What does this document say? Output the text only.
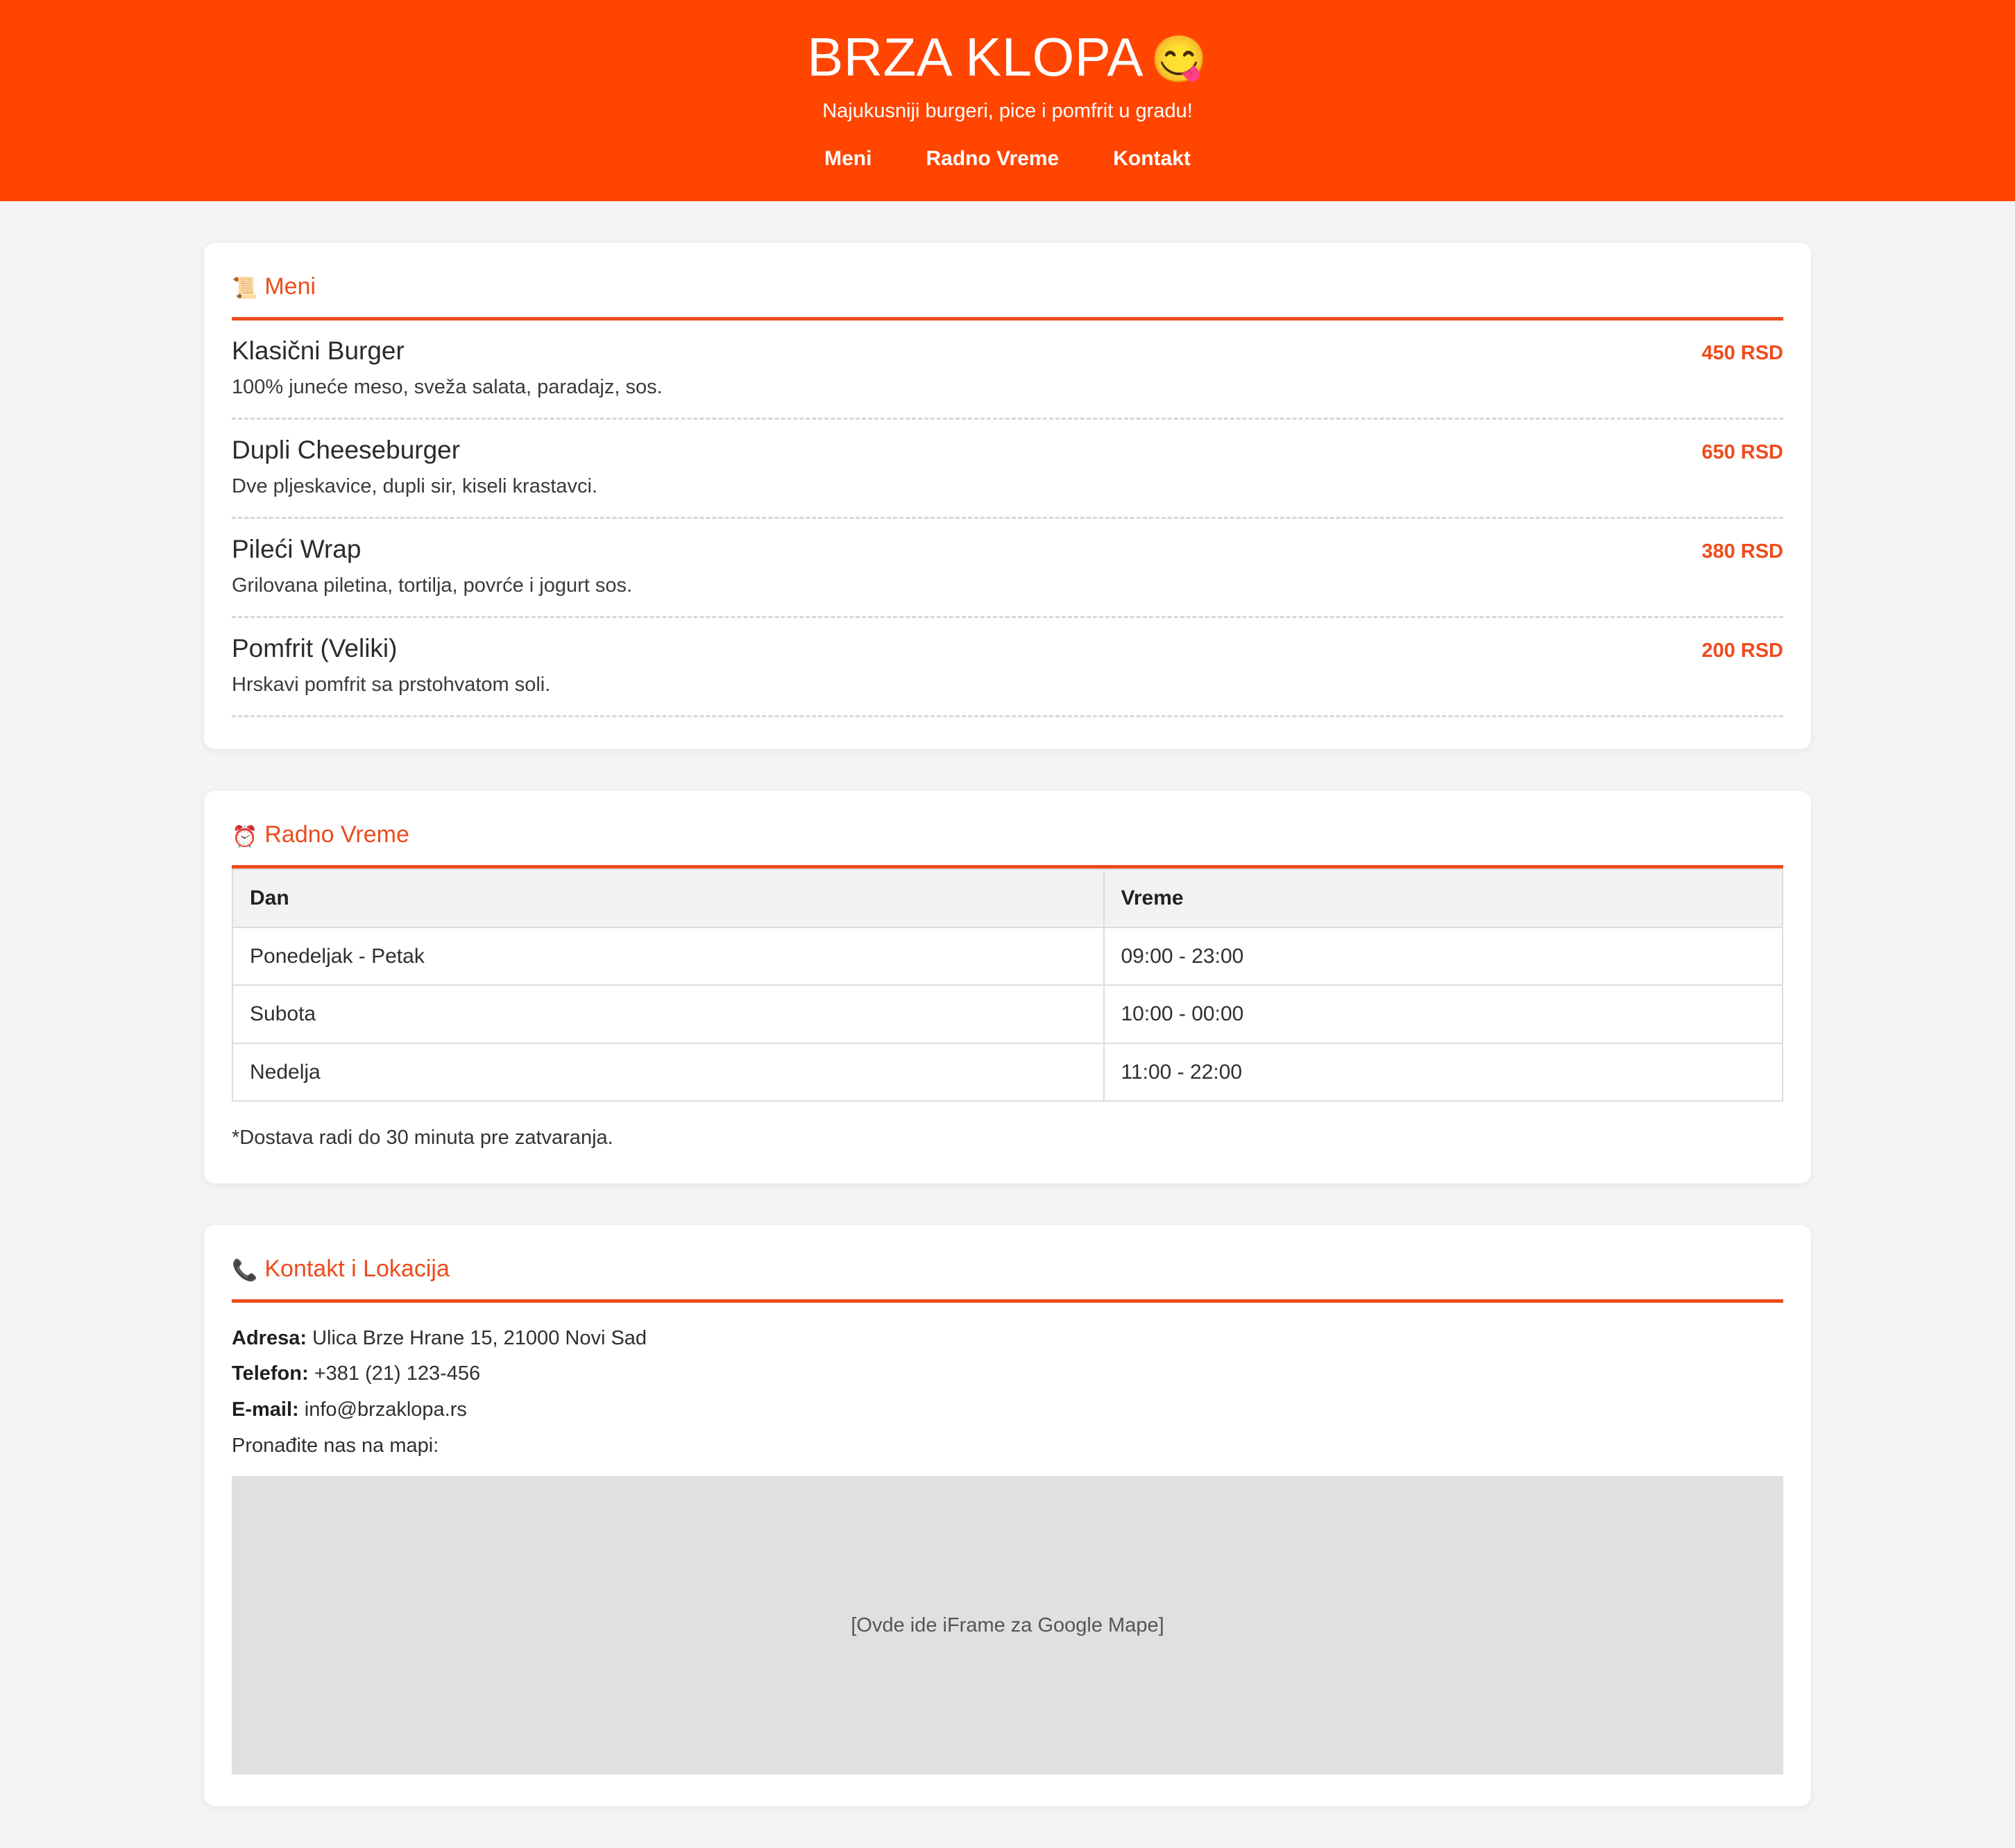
BRZA KLOPA 😋

Najukusniji burgeri, pice i pomfrit u gradu!

Meni	Radno Vreme	Kontakt
📜 Meni
Klasični Burger	450 RSD
100% juneće meso, sveža salata, paradajz, sos.
Dupli Cheeseburger	650 RSD
Dve pljeskavice, dupli sir, kiseli krastavci.
Pileći Wrap	380 RSD
Grilovana piletina, tortilja, povrće i jogurt sos.
Pomfrit (Veliki)	200 RSD
Hrskavi pomfrit sa prstohvatom soli.
⏰ Radno Vreme
Dan	Vreme
Ponedeljak - Petak	09:00 - 23:00
Subota	10:00 - 00:00
Nedelja	11:00 - 22:00

*Dostava radi do 30 minuta pre zatvaranja.

📞 Kontakt i Lokacija
Adresa: Ulica Brze Hrane 15, 21000 Novi Sad
Telefon: +381 (21) 123-456
E-mail: info@brzaklopa.rs
Pronađite nas na mapi:
[Ovde ide iFrame za Google Mape]
